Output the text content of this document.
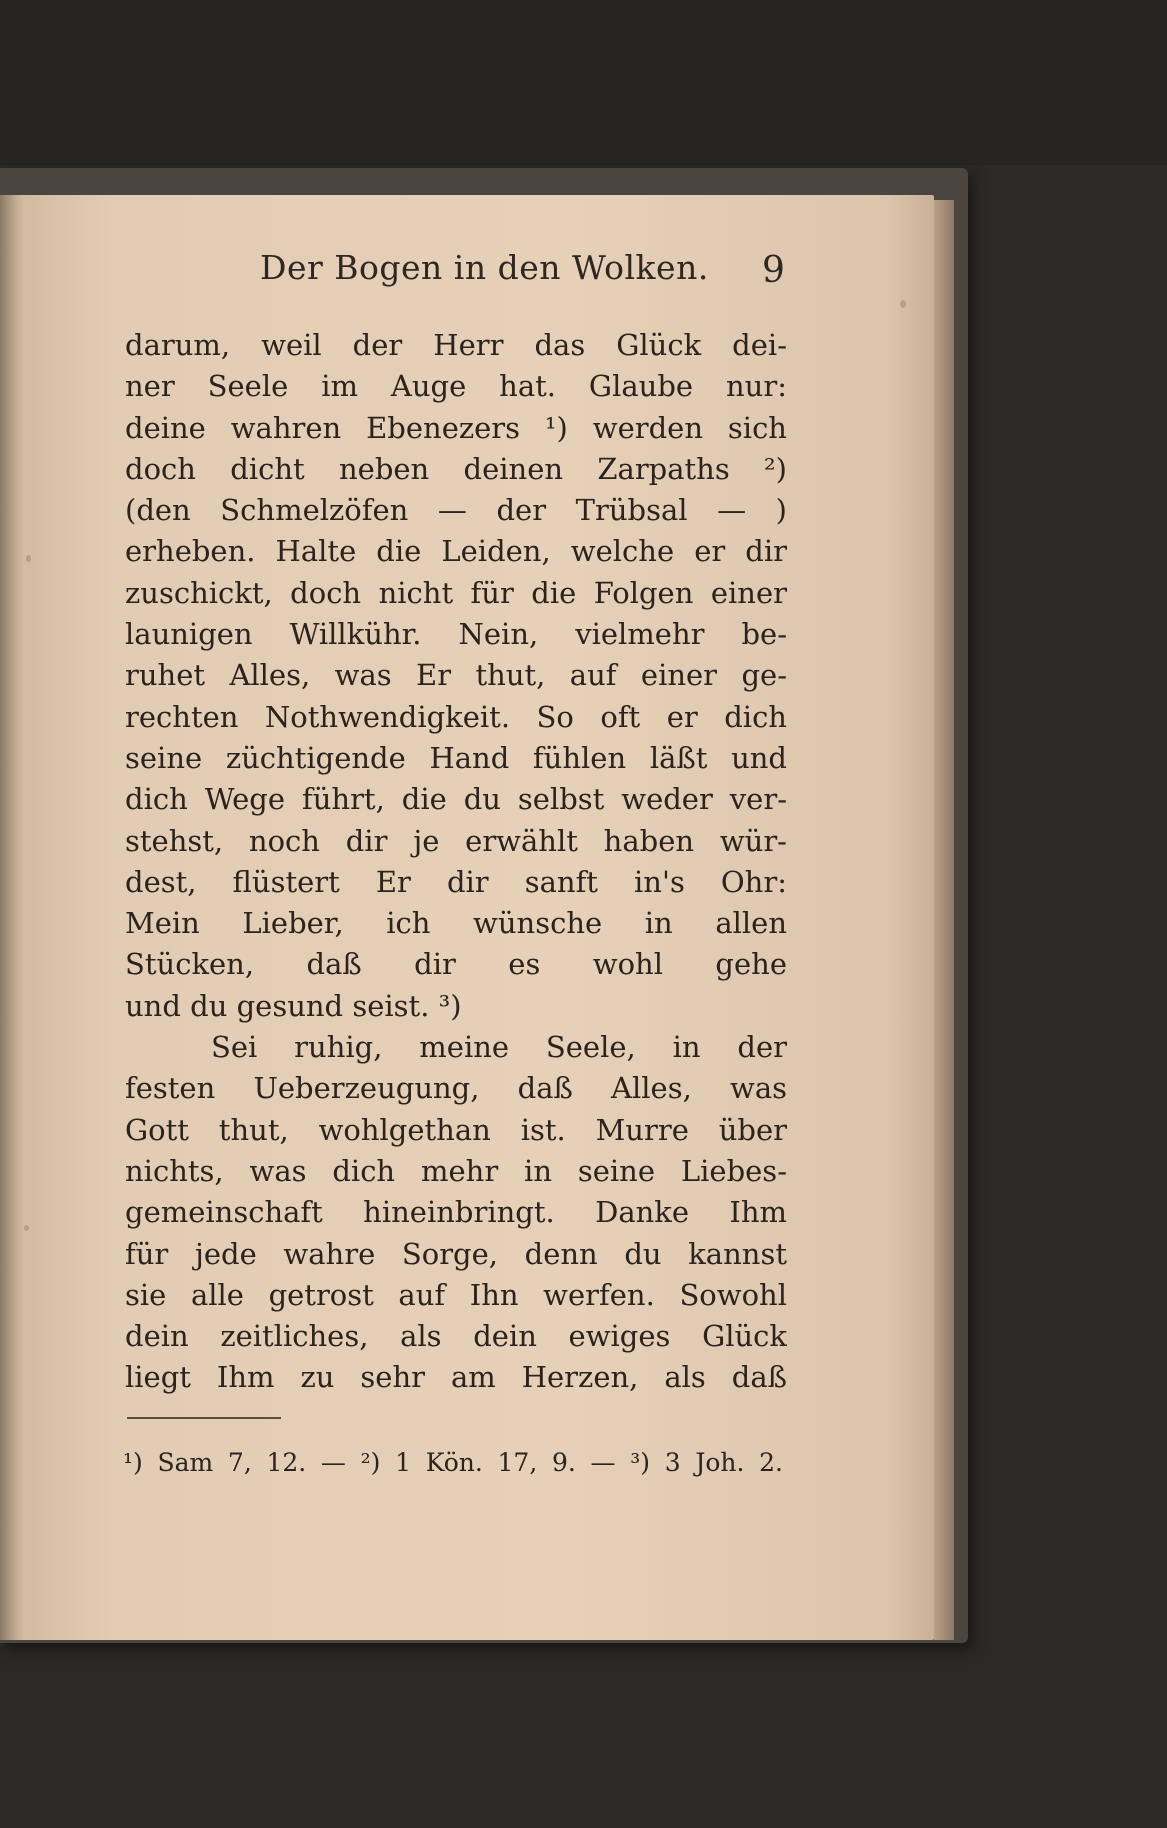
Der Bogen in den Wolken. 9
darum, weil der Herr das Glück dei-
ner Seele im Auge hat. Glaube nur:
deine wahren Ebenezers ¹) werden sich
doch dicht neben deinen Zarpaths ²)
(den Schmelzöfen — der Trübsal — )
erheben. Halte die Leiden, welche er dir
zuschickt, doch nicht für die Folgen einer
launigen Willkühr. Nein, vielmehr be-
ruhet Alles, was Er thut, auf einer ge-
rechten Nothwendigkeit. So oft er dich
seine züchtigende Hand fühlen läßt und
dich Wege führt, die du selbst weder ver-
stehst, noch dir je erwählt haben wür-
dest, flüstert Er dir sanft in's Ohr:
Mein Lieber, ich wünsche in allen
Stücken, daß dir es wohl gehe
und du gesund seist. ³)
Sei ruhig, meine Seele, in der
festen Ueberzeugung, daß Alles, was
Gott thut, wohlgethan ist. Murre über
nichts, was dich mehr in seine Liebes-
gemeinschaft hineinbringt. Danke Ihm
für jede wahre Sorge, denn du kannst
sie alle getrost auf Ihn werfen. Sowohl
dein zeitliches, als dein ewiges Glück
liegt Ihm zu sehr am Herzen, als daß
¹) Sam 7, 12. — ²) 1 Kön. 17, 9. — ³) 3 Joh. 2.
